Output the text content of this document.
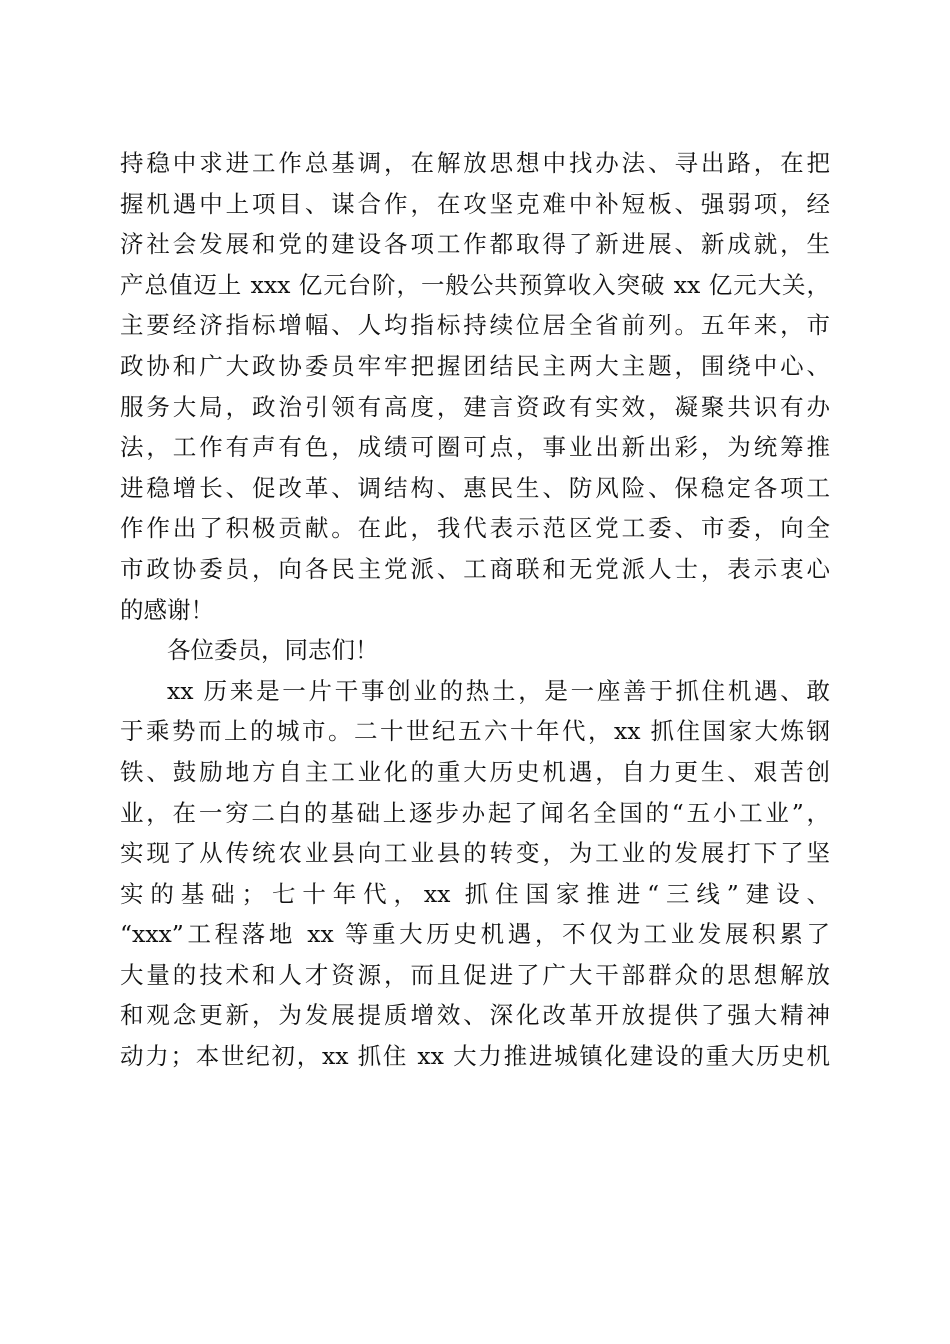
持稳中求进工作总基调，在解放思想中找办法、寻出路，在把
握机遇中上项目、谋合作，在攻坚克难中补短板、强弱项，经
济社会发展和党的建设各项工作都取得了新进展、新成就，生
产总值迈上 xxx 亿元台阶，一般公共预算收入突破 xx 亿元大关，
主要经济指标增幅、人均指标持续位居全省前列。五年来，市
政协和广大政协委员牢牢把握团结民主两大主题，围绕中心、
服务大局，政治引领有高度，建言资政有实效，凝聚共识有办
法，工作有声有色，成绩可圈可点，事业出新出彩，为统筹推
进稳增长、促改革、调结构、惠民生、防风险、保稳定各项工
作作出了积极贡献。在此，我代表示范区党工委、市委，向全
市政协委员，向各民主党派、工商联和无党派人士，表示衷心
的感谢！
各位委员，同志们！
xx 历来是一片干事创业的热土，是一座善于抓住机遇、敢
于乘势而上的城市。二十世纪五六十年代，xx 抓住国家大炼钢
铁、鼓励地方自主工业化的重大历史机遇，自力更生、艰苦创
业，在一穷二白的基础上逐步办起了闻名全国的“五小工业”，
实现了从传统农业县向工业县的转变，为工业的发展打下了坚
实的基础；七十年代，xx 抓住国家推进“三线”建设、
“xxx”工程落地 xx 等重大历史机遇，不仅为工业发展积累了
大量的技术和人才资源，而且促进了广大干部群众的思想解放
和观念更新，为发展提质增效、深化改革开放提供了强大精神
动力；本世纪初，xx 抓住 xx 大力推进城镇化建设的重大历史机
